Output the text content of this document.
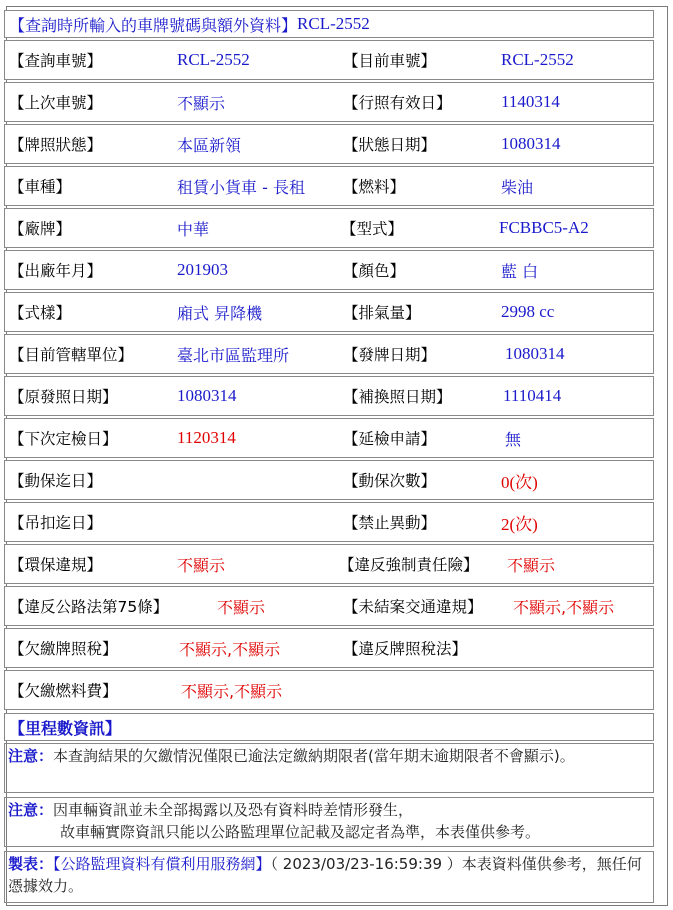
【查詢時所輸入的車牌號碼與額外資料】 RCL-2552
【查詢車號】	RCL-2552	【目前車號】	RCL-2552
【上次車號】	不顯示	【行照有效日】	1140314
【牌照狀態】	本區新領	【狀態日期】	1080314
【車種】	租賃小貨車 - 長租 【燃料】	柴油
【廠牌】	中華	【型式】	FCBBC5-A2
【出廠年月】	201903	【顏色】	藍 白
【式樣】	廂式 昇降機	【排氣量】	2998 cc
【目前管轄單位】	臺北市區監理所	【發牌日期】	1080314
【原發照日期】	1080314	【補換照日期】	1110414
【下次定檢日】	1120314	【延檢申請】	無
【動保迄日】	【動保次數】	0(次)
【吊扣迄日】	【禁止異動】	2(次)
【環保違規】	不顯示	【違反強制責任險】 不顯示
【違反公路法第75條】	不顯示	【未結案交通違規】 不顯示,不顯示
【欠繳牌照稅】	不顯示,不顯示	【違反牌照稅法】
【欠繳燃料費】	不顯示,不顯示
【里程數資訊】
注意：本查詢結果的欠繳情況僅限已逾法定繳納期限者(當年期末逾期限者不會顯示)。
注意：因車輛資訊並未全部揭露以及恐有資料時差情形發生，
故車輛實際資訊只能以公路監理單位記載及認定者為準，本表僅供參考。
製表：【公路監理資料有償利用服務網】（ 2023/03/23-16:59:39 ）本表資料僅供參考，無任何憑據效力。
